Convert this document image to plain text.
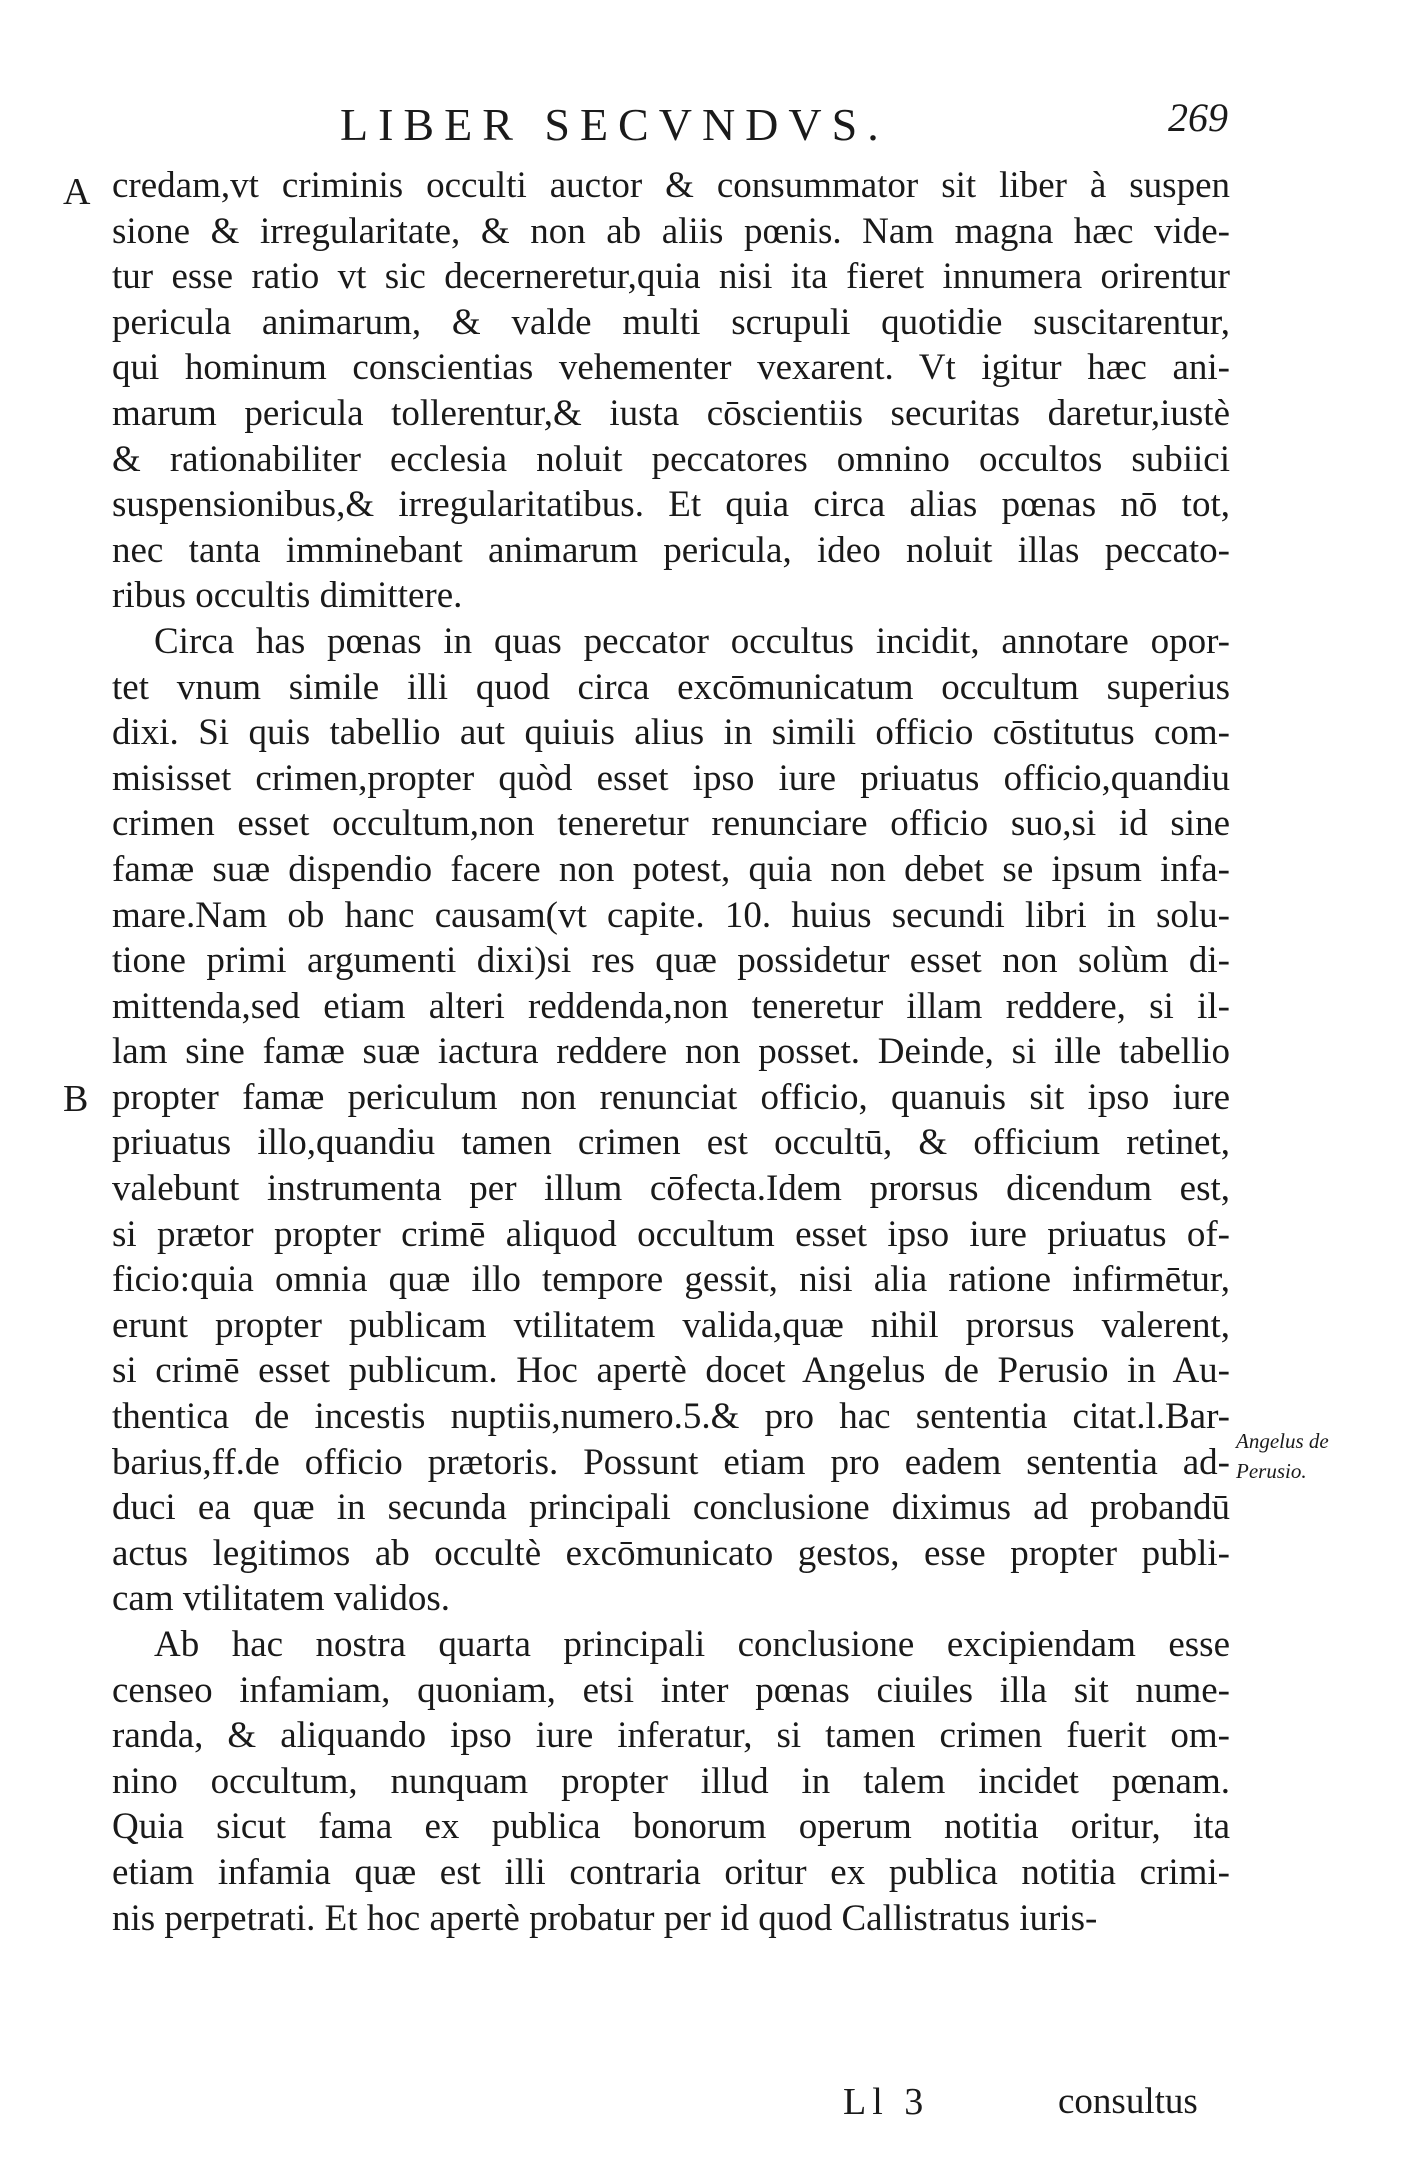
LIBER SECVNDVS.	269
A
B
Angelus de
Perusio.
credam,vt criminis occulti auctor & consummator sit liber à suspen
sione & irregularitate, & non ab aliis pœnis. Nam magna hæc vide-
tur esse ratio vt sic decerneretur,quia nisi ita fieret innumera orirentur
pericula animarum, & valde multi scrupuli quotidie suscitarentur,
qui hominum conscientias vehementer vexarent. Vt igitur hæc ani-
marum pericula tollerentur,& iusta cōscientiis securitas daretur,iustè
& rationabiliter ecclesia noluit peccatores omnino occultos subiici
suspensionibus,& irregularitatibus. Et quia circa alias pœnas nō tot,
nec tanta imminebant animarum pericula, ideo noluit illas peccato-
ribus occultis dimittere.
Circa has pœnas in quas peccator occultus incidit, annotare opor-
tet vnum simile illi quod circa excōmunicatum occultum superius
dixi. Si quis tabellio aut quiuis alius in simili officio cōstitutus com-
misisset crimen,propter quòd esset ipso iure priuatus officio,quandiu
crimen esset occultum,non teneretur renunciare officio suo,si id sine
famæ suæ dispendio facere non potest, quia non debet se ipsum infa-
mare.Nam ob hanc causam(vt capite. 10. huius secundi libri in solu-
tione primi argumenti dixi)si res quæ possidetur esset non solùm di-
mittenda,sed etiam alteri reddenda,non teneretur illam reddere, si il-
lam sine famæ suæ iactura reddere non posset. Deinde, si ille tabellio
propter famæ periculum non renunciat officio, quanuis sit ipso iure
priuatus illo,quandiu tamen crimen est occultū, & officium retinet,
valebunt instrumenta per illum cōfecta.Idem prorsus dicendum est,
si prætor propter crimē aliquod occultum esset ipso iure priuatus of-
ficio:quia omnia quæ illo tempore gessit, nisi alia ratione infirmētur,
erunt propter publicam vtilitatem valida,quæ nihil prorsus valerent,
si crimē esset publicum. Hoc apertè docet Angelus de Perusio in Au-
thentica de incestis nuptiis,numero.5.& pro hac sententia citat.l.Bar-
barius,ff.de officio prætoris. Possunt etiam pro eadem sententia ad-
duci ea quæ in secunda principali conclusione diximus ad probandū
actus legitimos ab occultè excōmunicato gestos, esse propter publi-
cam vtilitatem validos.
Ab hac nostra quarta principali conclusione excipiendam esse
censeo infamiam, quoniam, etsi inter pœnas ciuiles illa sit nume-
randa, & aliquando ipso iure inferatur, si tamen crimen fuerit om-
nino occultum, nunquam propter illud in talem incidet pœnam.
Quia sicut fama ex publica bonorum operum notitia oritur, ita
etiam infamia quæ est illi contraria oritur ex publica notitia crimi-
nis perpetrati. Et hoc apertè probatur per id quod Callistratus iuris-
Ll 3	consultus
